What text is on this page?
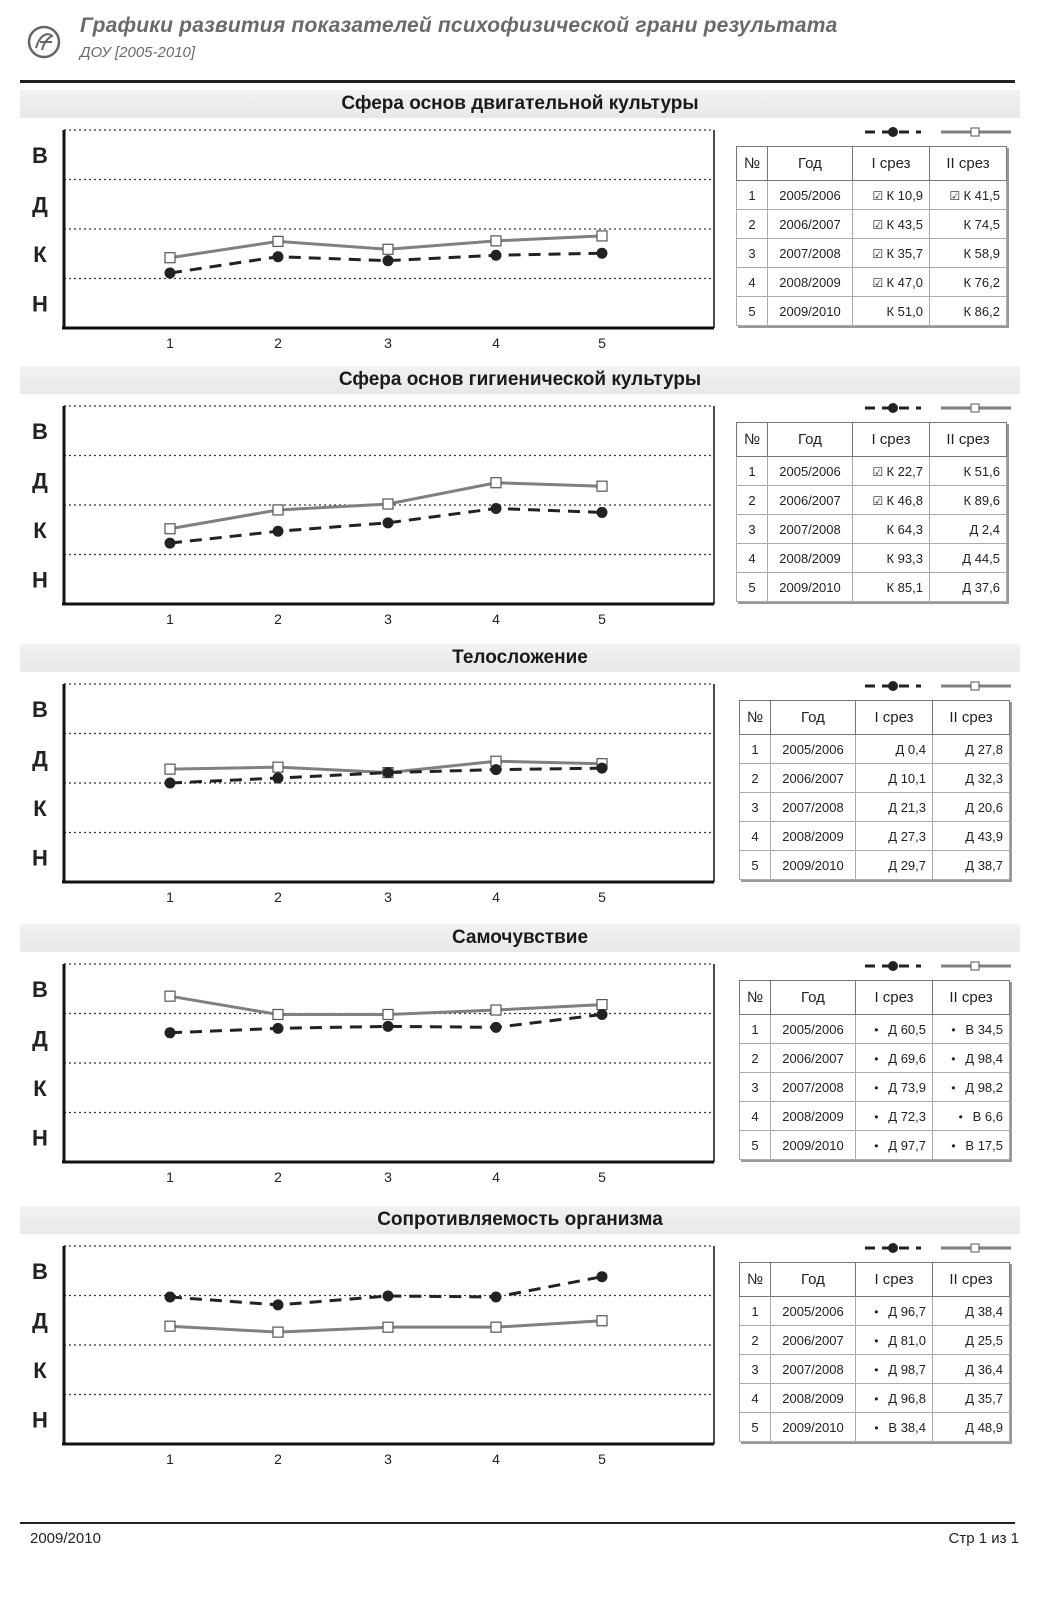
Графики развития показателей психофизической грани результата
ДОУ [2005-2010]
Сфера основ двигательной культуры
В
Д
К
Н
1	2	3	4	5
№	Год	I срез	II срез
1	2005/2006	☑ К 10,9	☑ К 41,5
2	2006/2007	☑ К 43,5	К 74,5
3	2007/2008	☑ К 35,7	К 58,9
4	2008/2009	☑ К 47,0	К 76,2
5	2009/2010	К 51,0	К 86,2
Сфера основ гигиенической культуры
В
Д
К
Н
1	2	3	4	5
№	Год	I срез	II срез
1	2005/2006	☑ К 22,7	К 51,6
2	2006/2007	☑ К 46,8	К 89,6
3	2007/2008	К 64,3	Д 2,4
4	2008/2009	К 93,3	Д 44,5
5	2009/2010	К 85,1	Д 37,6
Телосложение
В
Д
К
Н
1	2	3	4	5
№	Год	I срез	II срез
1	2005/2006	Д 0,4	Д 27,8
2	2006/2007	Д 10,1	Д 32,3
3	2007/2008	Д 21,3	Д 20,6
4	2008/2009	Д 27,3	Д 43,9
5	2009/2010	Д 29,7	Д 38,7
Самочувствие
В
Д
К
Н
1	2	3	4	5
№	Год	I срез	II срез
1	2005/2006	• Д 60,5	• В 34,5
2	2006/2007	• Д 69,6	• Д 98,4
3	2007/2008	• Д 73,9	• Д 98,2
4	2008/2009	• Д 72,3	• В 6,6
5	2009/2010	• Д 97,7	• В 17,5
Сопротивляемость организма
В
Д
К
Н
1	2	3	4	5
№	Год	I срез	II срез
1	2005/2006	• Д 96,7	Д 38,4
2	2006/2007	• Д 81,0	Д 25,5
3	2007/2008	• Д 98,7	Д 36,4
4	2008/2009	• Д 96,8	Д 35,7
5	2009/2010	• В 38,4	Д 48,9
2009/2010	Стр 1 из 1
